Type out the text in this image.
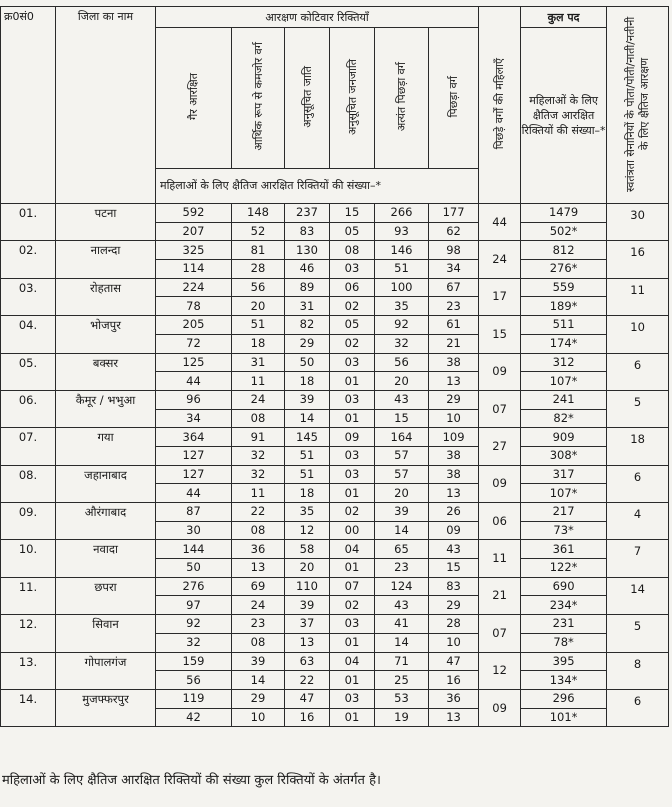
क्र0सं0	जिला का नाम	आरक्षण कोटिवार रिक्तियाँ						पिछड़े वर्गों की महिलाएँ	कुल पद	स्वतंत्रता सेनानियों के पोता/पोती/नाती/नतीनी के लिए क्षैतिज आरक्षण
		गैर आरक्षित	आर्थिक रूप से कमजोर वर्ग	अनुसूचित जाति	अनुसूचित जनजाति	अत्यंत पिछड़ा वर्ग	पिछड़ा वर्ग		महिलाओं के लिए क्षैतिज आरक्षित रिक्तियों की संख्या–*	
		महिलाओं के लिए क्षैतिज आरक्षित रिक्तियों की संख्या–*								
01.	पटना	592	148	237	15	266	177	44	1479	30
		207	52	83	05	93	62		502*	
02.	नालन्दा	325	81	130	08	146	98	24	812	16
		114	28	46	03	51	34		276*	
03.	रोहतास	224	56	89	06	100	67	17	559	11
		78	20	31	02	35	23		189*	
04.	भोजपुर	205	51	82	05	92	61	15	511	10
		72	18	29	02	32	21		174*	
05.	बक्सर	125	31	50	03	56	38	09	312	6
		44	11	18	01	20	13		107*	
06.	कैमूर / भभुआ	96	24	39	03	43	29	07	241	5
		34	08	14	01	15	10		82*	
07.	गया	364	91	145	09	164	109	27	909	18
		127	32	51	03	57	38		308*	
08.	जहानाबाद	127	32	51	03	57	38	09	317	6
		44	11	18	01	20	13		107*	
09.	औरंगाबाद	87	22	35	02	39	26	06	217	4
		30	08	12	00	14	09		73*	
10.	नवादा	144	36	58	04	65	43	11	361	7
		50	13	20	01	23	15		122*	
11.	छपरा	276	69	110	07	124	83	21	690	14
		97	24	39	02	43	29		234*	
12.	सिवान	92	23	37	03	41	28	07	231	5
		32	08	13	01	14	10		78*	
13.	गोपालगंज	159	39	63	04	71	47	12	395	8
		56	14	22	01	25	16		134*	
14.	मुजफ्फरपुर	119	29	47	03	53	36	09	296	6
		42	10	16	01	19	13		101*	
महिलाओं के लिए क्षैतिज आरक्षित रिक्तियों की संख्या कुल रिक्तियों के अंतर्गत है।
